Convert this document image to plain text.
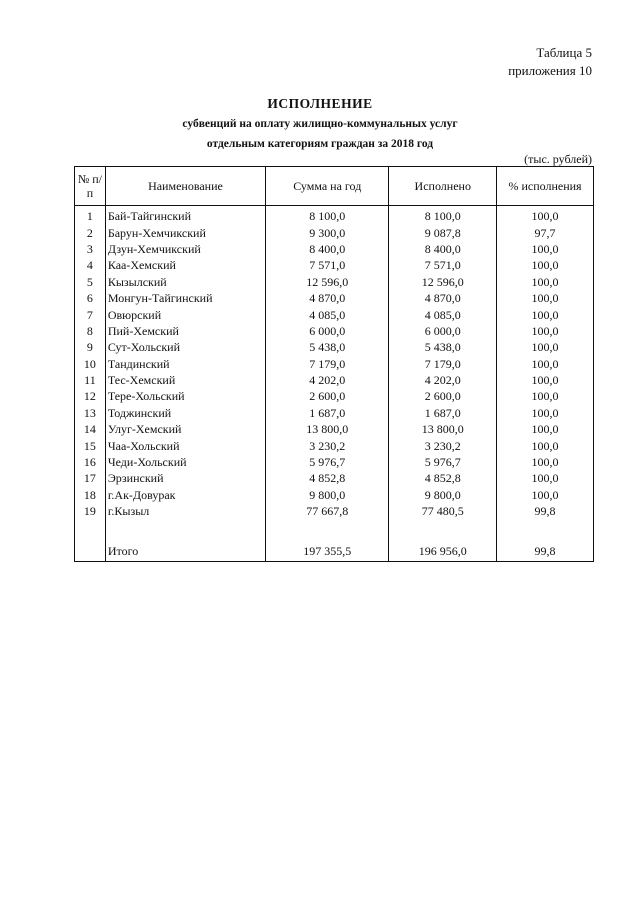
Таблица 5
приложения 10
ИСПОЛНЕНИЕ
субвенций на оплату жилищно-коммунальных услуг
отдельным категориям граждан за 2018 год
(тыс. рублей)
№ п/п	Наименование	Сумма на год	Исполнено	% исполнения
1	Бай-Тайгинский	8 100,0	8 100,0	100,0
2	Барун-Хемчикский	9 300,0	9 087,8	97,7
3	Дзун-Хемчикский	8 400,0	8 400,0	100,0
4	Каа-Хемский	7 571,0	7 571,0	100,0
5	Кызылский	12 596,0	12 596,0	100,0
6	Монгун-Тайгинский	4 870,0	4 870,0	100,0
7	Овюрский	4 085,0	4 085,0	100,0
8	Пий-Хемский	6 000,0	6 000,0	100,0
9	Сут-Хольский	5 438,0	5 438,0	100,0
10	Тандинский	7 179,0	7 179,0	100,0
11	Тес-Хемский	4 202,0	4 202,0	100,0
12	Тере-Хольский	2 600,0	2 600,0	100,0
13	Тоджинский	1 687,0	1 687,0	100,0
14	Улуг-Хемский	13 800,0	13 800,0	100,0
15	Чаа-Хольский	3 230,2	3 230,2	100,0
16	Чеди-Хольский	5 976,7	5 976,7	100,0
17	Эрзинский	4 852,8	4 852,8	100,0
18	г.Ак-Довурак	9 800,0	9 800,0	100,0
19	г.Кызыл	77 667,8	77 480,5	99,8

	Итого	197 355,5	196 956,0	99,8
